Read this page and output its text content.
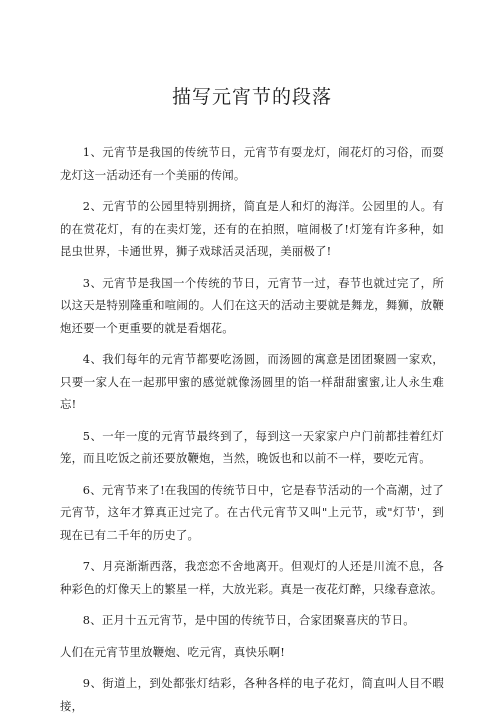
描写元宵节的段落

1、元宵节是我国的传统节日，元宵节有耍龙灯，闹花灯的习俗，而耍龙灯这一活动还有一个美丽的传闻。

2、元宵节的公园里特别拥挤，简直是人和灯的海洋。公园里的人。有的在赏花灯，有的在卖灯笼，还有的在拍照，喧闹极了!灯笼有许多种，如 昆虫世界，卡通世界，狮子戏球活灵活现，美丽极了!

3、元宵节是我国一个传统的节日，元宵节一过，春节也就过完了，所以这天是特别隆重和喧闹的。人们在这天的活动主要就是舞龙，舞狮，放鞭炮还要一个更重要的就是看烟花。

4、我们每年的元宵节都要吃汤圆，而汤圆的寓意是团团聚圆一家欢，只要一家人在一起那甲蜜的感觉就像汤圆里的馅一样甜甜蜜蜜,让人永生难忘!

5、一年一度的元宵节最终到了，每到这一天家家户户门前都挂着红灯笼，而且吃饭之前还要放鞭炮，当然，晚饭也和以前不一样，要吃元宵。

6、元宵节来了!在我国的传统节日中，它是春节活动的一个高潮，过了元宵节，这年才算真正过完了。在古代元宵节又叫"上元节，或"灯节'，到现在已有二千年的历史了。

7、月亮渐渐西落，我恋恋不舍地离开。但观灯的人还是川流不息，各种彩色的灯像天上的繁星一样，大放光彩。真是一夜花灯醉，只缘春意浓。

8、正月十五元宵节，是中国的传统节日，合家团聚喜庆的节日。

人们在元宵节里放鞭炮、吃元宵，真快乐啊!

9、街道上，到处都张灯结彩，各种各样的电子花灯，简直叫人目不暇接，
